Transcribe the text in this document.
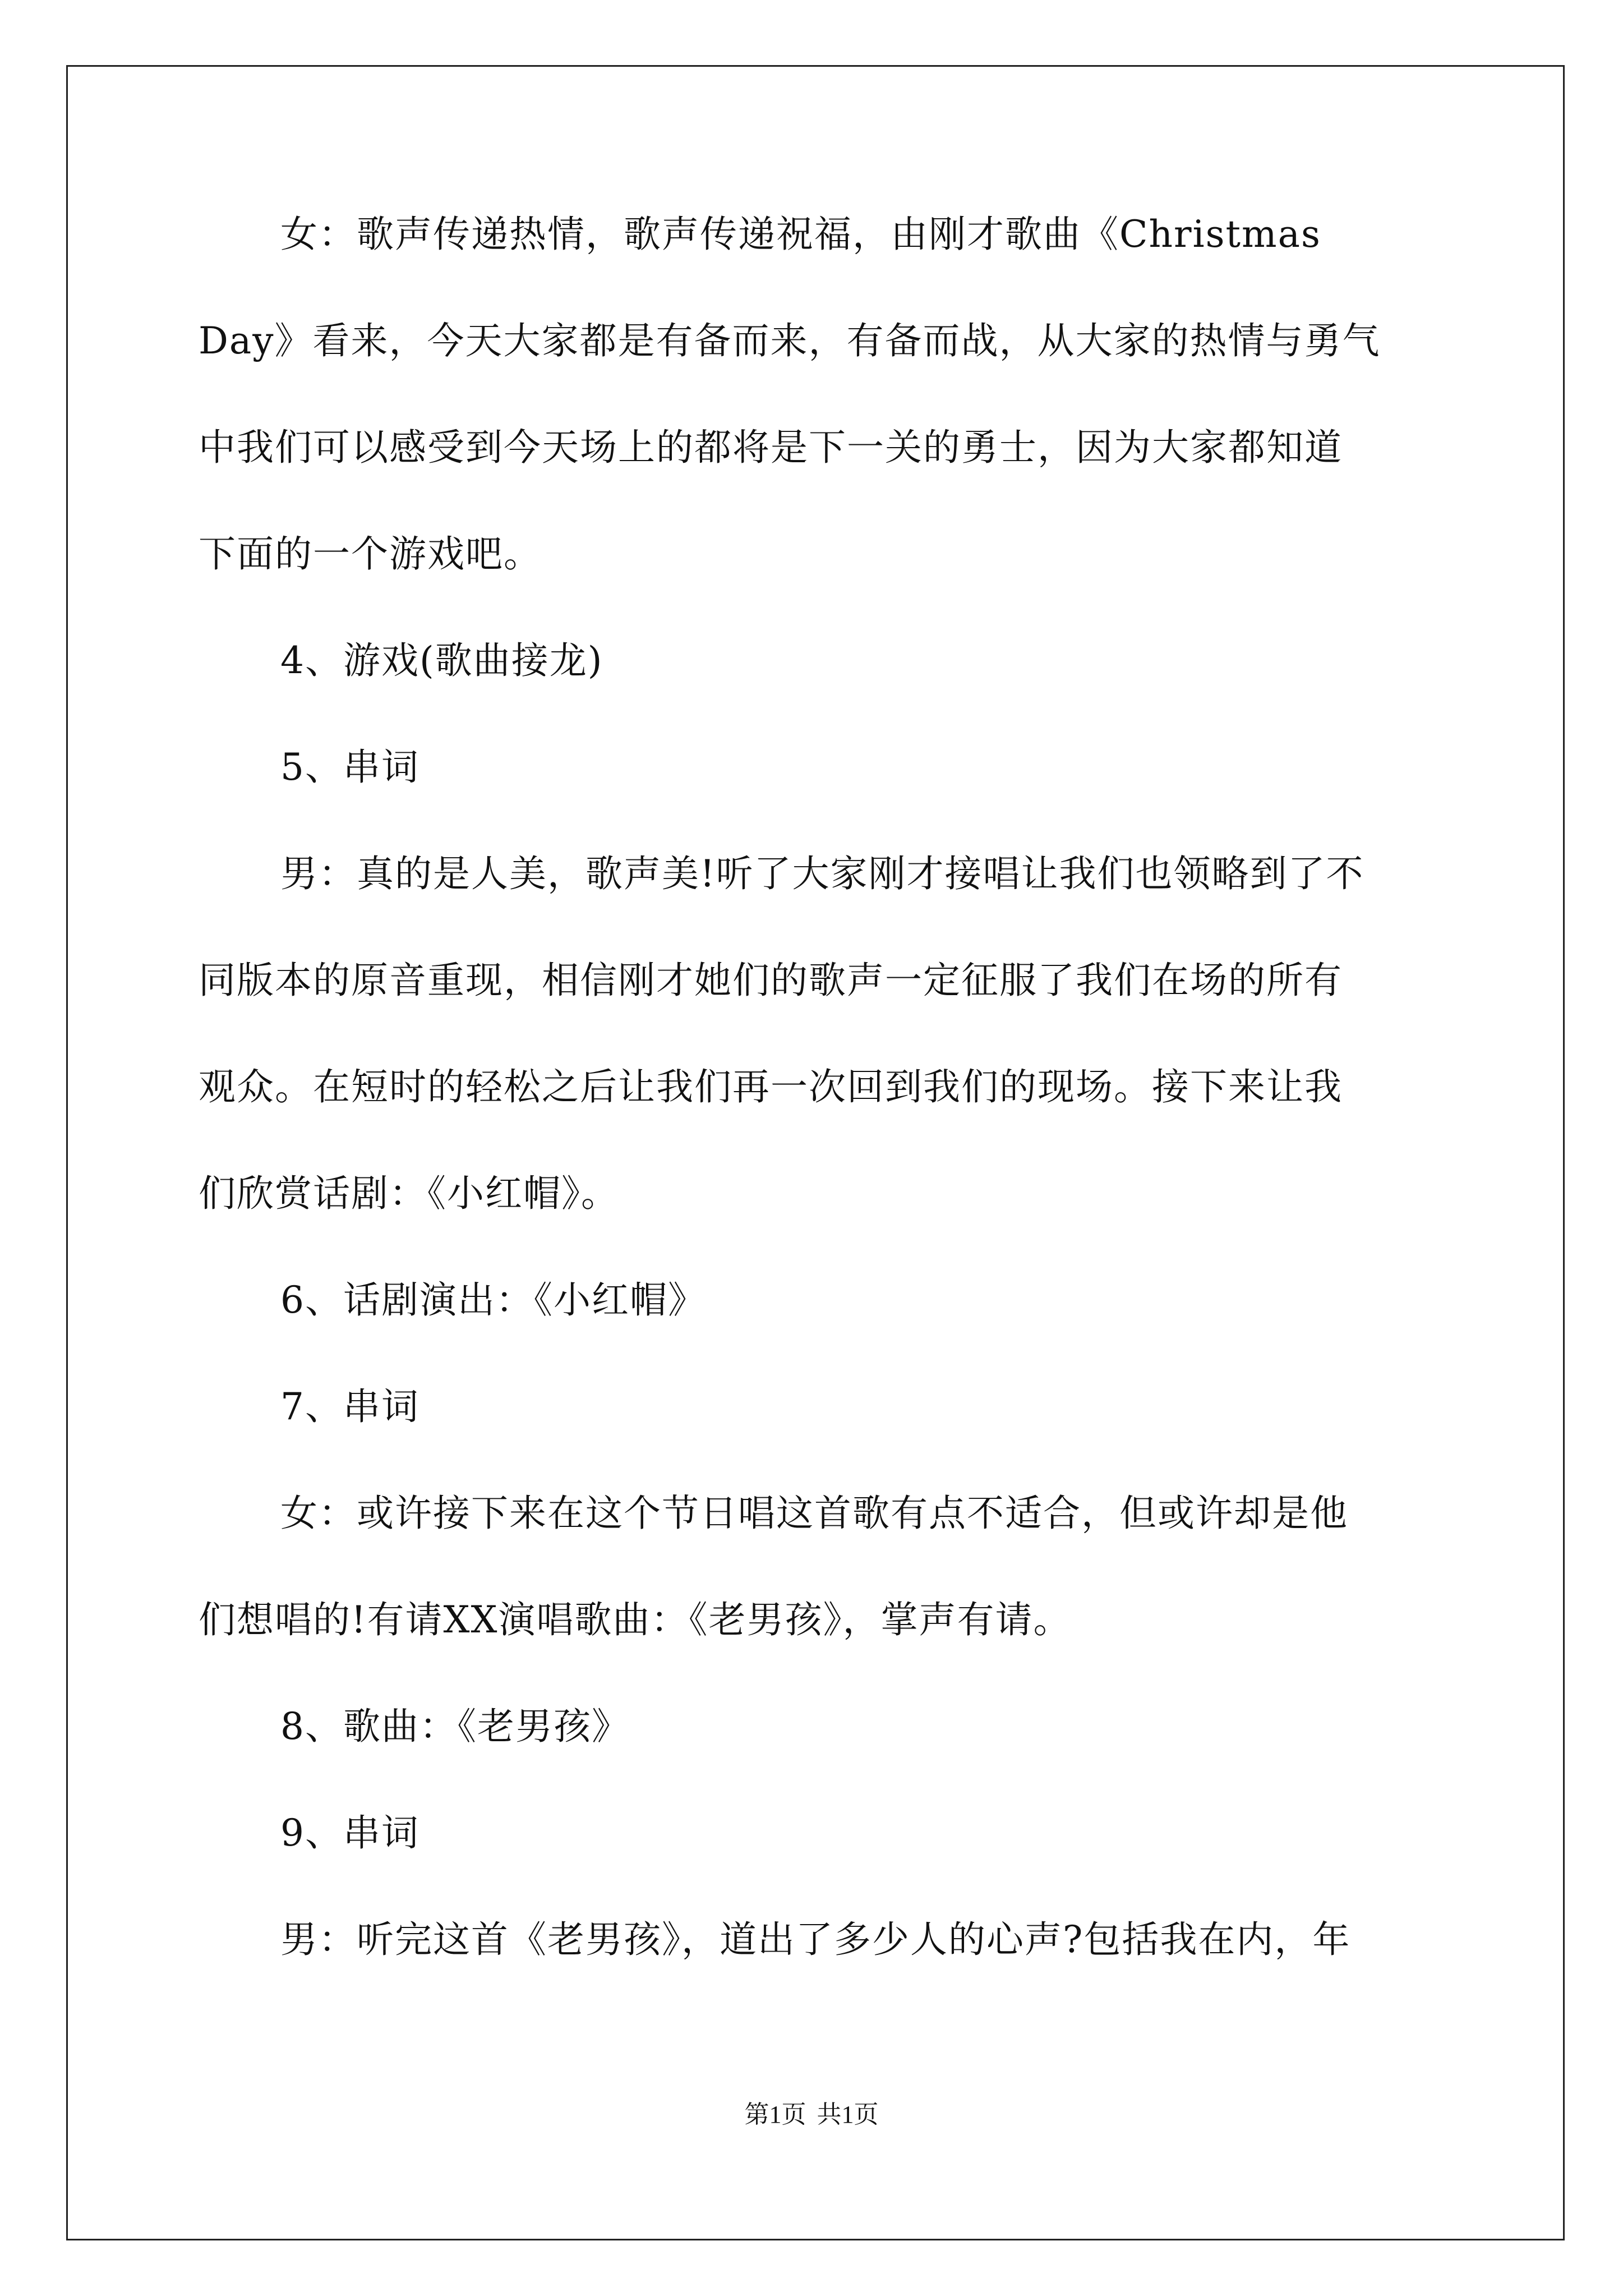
女：歌声传递热情，歌声传递祝福，由刚才歌曲《Christmas
Day》看来，今天大家都是有备而来，有备而战，从大家的热情与勇气
中我们可以感受到今天场上的都将是下一关的勇士，因为大家都知道
下面的一个游戏吧。
4、游戏(歌曲接龙)
5、串词
男：真的是人美，歌声美!听了大家刚才接唱让我们也领略到了不
同版本的原音重现，相信刚才她们的歌声一定征服了我们在场的所有
观众。在短时的轻松之后让我们再一次回到我们的现场。接下来让我
们欣赏话剧：《小红帽》。
6、话剧演出：《小红帽》
7、串词
女：或许接下来在这个节日唱这首歌有点不适合，但或许却是他
们想唱的!有请XX演唱歌曲：《老男孩》，掌声有请。
8、歌曲：《老男孩》
9、串词
男：听完这首《老男孩》，道出了多少人的心声?包括我在内，年
第1页 共1页
